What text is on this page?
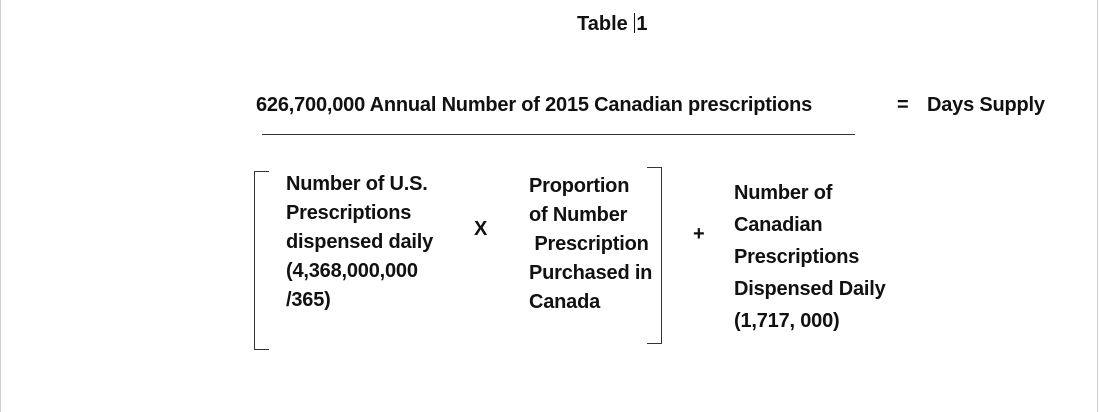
Table 1
626,700,000 Annual Number of 2015 Canadian prescriptions	= Days Supply
Number of U.S.
Prescriptions
dispensed daily
(4,368,000,000
/365)
X
Proportion
of Number
Prescription
Purchased in
Canada
+
Number of
Canadian
Prescriptions
Dispensed Daily
(1,717, 000)
